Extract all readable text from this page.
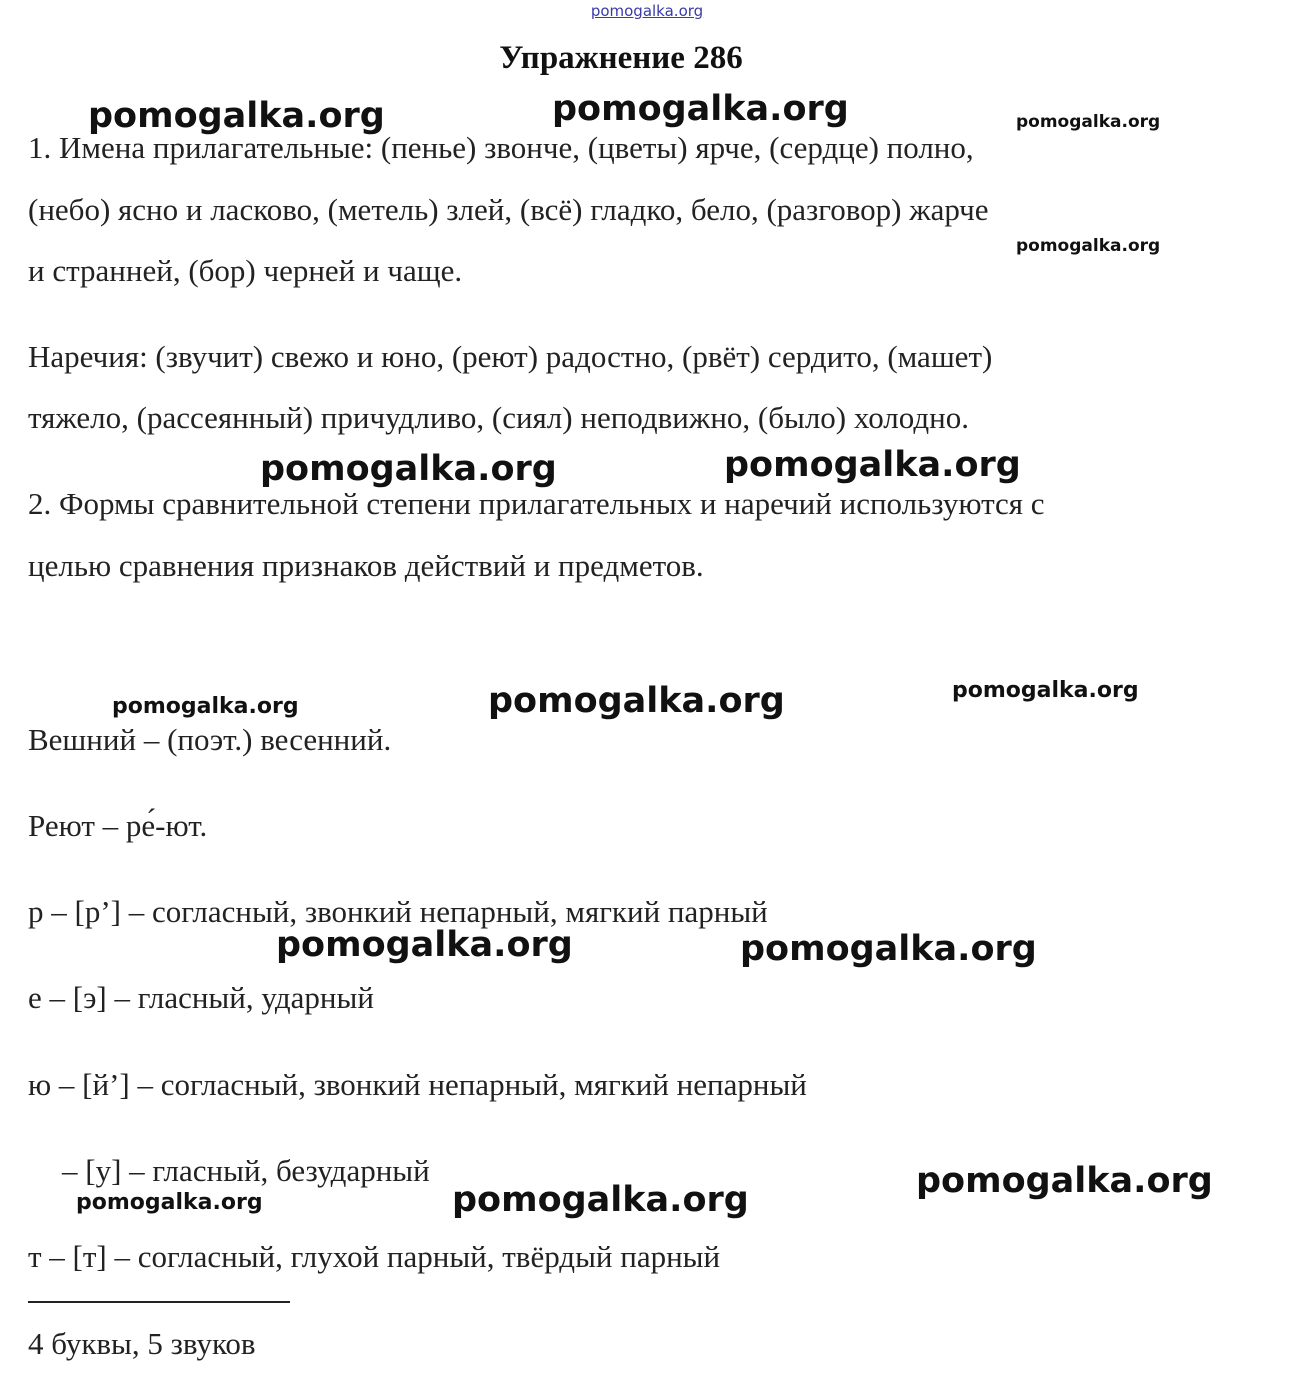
pomogalka.org
Упражнение 286
1. Имена прилагательные: (пенье) звонче, (цветы) ярче, (сердце) полно,
(небо) ясно и ласково, (метель) злей, (всё) гладко, бело, (разговор) жарче
и странней, (бор) черней и чаще.
Наречия: (звучит) свежо и юно, (реют) радостно, (рвёт) сердито, (машет)
тяжело, (рассеянный) причудливо, (сиял) неподвижно, (было) холодно.
2. Формы сравнительной степени прилагательных и наречий используются с
целью сравнения признаков действий и предметов.
Вешний – (поэт.) весенний.
Реют – ре́-ют.
р – [р’] – согласный, звонкий непарный, мягкий парный
е – [э] – гласный, ударный
ю – [й’] – согласный, звонкий непарный, мягкий непарный
– [у] – гласный, безударный
т – [т] – согласный, глухой парный, твёрдый парный
4 буквы, 5 звуков
pomogalka.org	pomogalka.org	pomogalka.org
pomogalka.org
pomogalka.org	pomogalka.org
pomogalka.org	pomogalka.org	pomogalka.org
pomogalka.org	pomogalka.org
pomogalka.org	pomogalka.org	pomogalka.org
